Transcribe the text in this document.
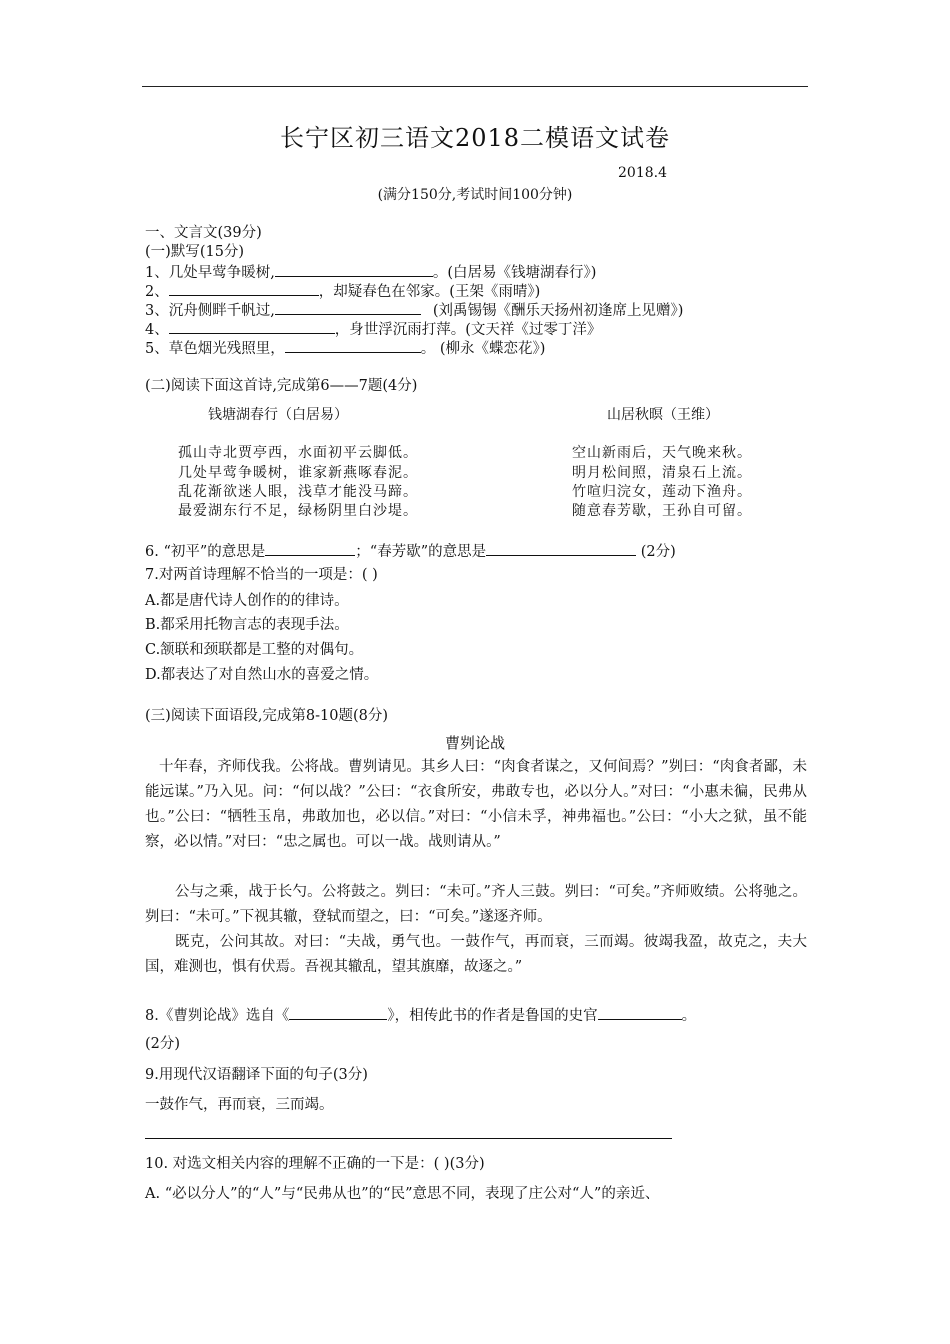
长宁区初三语文2018二模语文试卷
2018.4
(满分150分,考试时间100分钟)
一、文言文(39分)
(一)默写(15分)
1、几处早莺争暖树,	。(白居易《钱塘湖春行》)
2、	，却疑春色在邻家。(王架《雨晴》)
3、沉舟侧畔千帆过,	(刘禹锡锡《酬乐天扬州初逢席上见赠》)
4、	，身世浮沉雨打萍。(文天祥《过零丁洋》
5、草色烟光残照里，	。 (柳永《蝶恋花》)
(二)阅读下面这首诗,完成第6——7题(4分)
钱塘湖春行（白居易）	山居秋暝（王维）
孤山寺北贾亭西，水面初平云脚低。
几处早莺争暖树，谁家新燕啄春泥。
乱花渐欲迷人眼，浅草才能没马蹄。
最爱湖东行不足，绿杨阴里白沙堤。
空山新雨后，天气晚来秋。
明月松间照，清泉石上流。
竹喧归浣女，莲动下渔舟。
随意春芳歇，王孙自可留。
6. “初平”的意思是	；“春芳歇”的意思是	(2分)
7.对两首诗理解不恰当的一项是：( )
A.都是唐代诗人创作的的律诗。
B.都采用托物言志的表现手法。
C.颔联和颈联都是工整的对偶句。
D.都表达了对自然山水的喜爱之情。
(三)阅读下面语段,完成第8-10题(8分)
曹刿论战
十年春，齐师伐我。公将战。曹刿请见。其乡人曰：“肉食者谋之，又何间焉？”刿曰：“肉食者鄙，未能远谋。”乃入见。问：“何以战？”公曰：“衣食所安，弗敢专也，必以分人。”对曰：“小惠未徧，民弗从也。”公曰：“牺牲玉帛，弗敢加也，必以信。”对曰：“小信未孚，神弗福也。”公曰：“小大之狱，虽不能察，必以情。”对曰：“忠之属也。可以一战。战则请从。”
公与之乘，战于长勺。公将鼓之。刿曰：“未可。”齐人三鼓。刿曰：“可矣。”齐师败绩。公将驰之。刿曰：“未可。”下视其辙，登轼而望之，曰：“可矣。”遂逐齐师。
既克，公问其故。对曰：“夫战，勇气也。一鼓作气，再而衰，三而竭。彼竭我盈，故克之，夫大国，难测也，惧有伏焉。吾视其辙乱，望其旗靡，故逐之。”
8.《曹刿论战》选自《	》，相传此书的作者是鲁国的史官	。
(2分)
9.用现代汉语翻译下面的句子(3分)
一鼓作气，再而衰，三而竭。
10. 对选文相关内容的理解不正确的一下是：( )(3分)
A. “必以分人”的“人”与“民弗从也”的“民”意思不同，表现了庄公对“人”的亲近、
